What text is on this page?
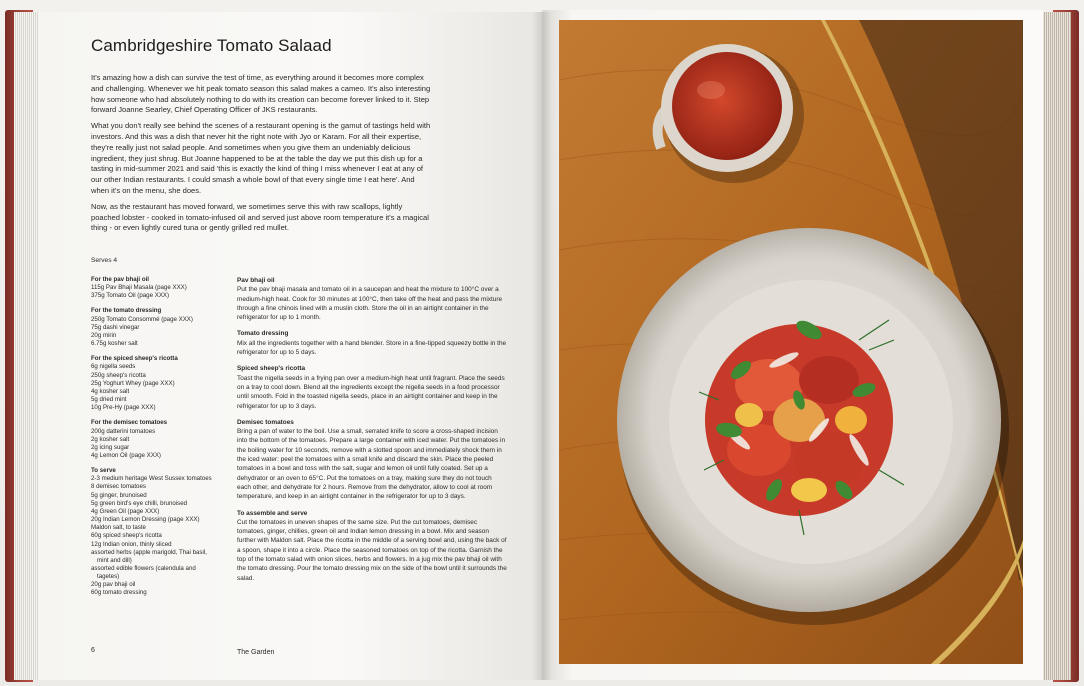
Cambridgeshire Tomato Salaad

It's amazing how a dish can survive the test of time, as everything around it becomes more complex and challenging. Whenever we hit peak tomato season this salad makes a cameo. It's also interesting how someone who had absolutely nothing to do with its creation can become forever linked to it. Step forward Joanne Searley, Chief Operating Officer of JKS restaurants.

What you don't really see behind the scenes of a restaurant opening is the gamut of tastings held with investors. And this was a dish that never hit the right note with Jyo or Karam. For all their expertise, they're really just not salad people. And sometimes when you give them an undeniably delicious ingredient, they just shrug. But Joanne happened to be at the table the day we put this dish up for a tasting in mid-summer 2021 and said 'this is exactly the kind of thing I miss whenever I eat at any of our other Indian restaurants. I could smash a whole bowl of that every single time I eat here'. And when it's on the menu, she does.

Now, as the restaurant has moved forward, we sometimes serve this with raw scallops, lightly poached lobster - cooked in tomato-infused oil and served just above room temperature it's a magical thing - or even lightly cured tuna or gently grilled red mullet.

Serves 4
For the pav bhaji oil
115g Pav Bhaji Masala (page XXX)
375g Tomato Oil (page XXX)
For the tomato dressing
250g Tomato Consommé (page XXX)
75g dashi vinegar
20g mirin
6.75g kosher salt
For the spiced sheep's ricotta
6g nigella seeds
250g sheep's ricotta
25g Yoghurt Whey (page XXX)
4g kosher salt
5g dried mint
10g Pre-Hy (page XXX)
For the demisec tomatoes
200g datterini tomatoes
2g kosher salt
2g icing sugar
4g Lemon Oil (page XXX)
To serve
2-3 medium heritage West Sussex tomatoes
8 demisec tomatoes
5g ginger, brunoised
5g green bird's eye chilli, brunoised
4g Green Oil (page XXX)
20g Indian Lemon Dressing (page XXX)
Maldon salt, to taste
60g spiced sheep's ricotta
12g Indian onion, thinly sliced
assorted herbs (apple marigold, Thai basil,
mint and dill)
assorted edible flowers (calendula and
tagetes)
20g pav bhaji oil
60g tomato dressing
Pav bhaji oil
Put the pav bhaji masala and tomato oil in a saucepan and heat the mixture to 100°C over a medium-high heat. Cook for 30 minutes at 100°C, then take off the heat and pass the mixture through a fine chinois lined with a muslin cloth. Store the oil in an airtight container in the refrigerator for up to 1 month.
Tomato dressing
Mix all the ingredients together with a hand blender. Store in a fine-tipped squeezy bottle in the refrigerator for up to 5 days.
Spiced sheep's ricotta
Toast the nigella seeds in a frying pan over a medium-high heat until fragrant. Place the seeds on a tray to cool down. Blend all the ingredients except the nigella seeds in a food processor until smooth. Fold in the toasted nigella seeds, place in an airtight container and keep in the refrigerator for up to 3 days.
Demisec tomatoes
Bring a pan of water to the boil. Use a small, serrated knife to score a cross-shaped incision into the bottom of the tomatoes. Prepare a large container with iced water. Put the tomatoes in the boiling water for 10 seconds, remove with a slotted spoon and immediately shock them in the iced water: peel the tomatoes with a small knife and discard the skin. Place the peeled tomatoes in a bowl and toss with the salt, sugar and lemon oil until fully coated. Set up a dehydrator or an oven to 65°C. Put the tomatoes on a tray, making sure they do not touch each other, and dehydrate for 2 hours. Remove from the dehydrator, allow to cool at room temperature, and keep in an airtight container in the refrigerator for up to 3 days.
To assemble and serve
Cut the tomatoes in uneven shapes of the same size. Put the cut tomatoes, demisec tomatoes, ginger, chillies, green oil and Indian lemon dressing in a bowl. Mix and season further with Maldon salt. Place the ricotta in the middle of a serving bowl and, using the back of a spoon, shape it into a circle. Place the seasoned tomatoes on top of the ricotta. Garnish the top of the tomato salad with onion slices, herbs and flowers. In a jug mix the pav bhaji oil with the tomato dressing. Pour the tomato dressing mix on the side of the bowl until it surrounds the salad.
6	The Garden
